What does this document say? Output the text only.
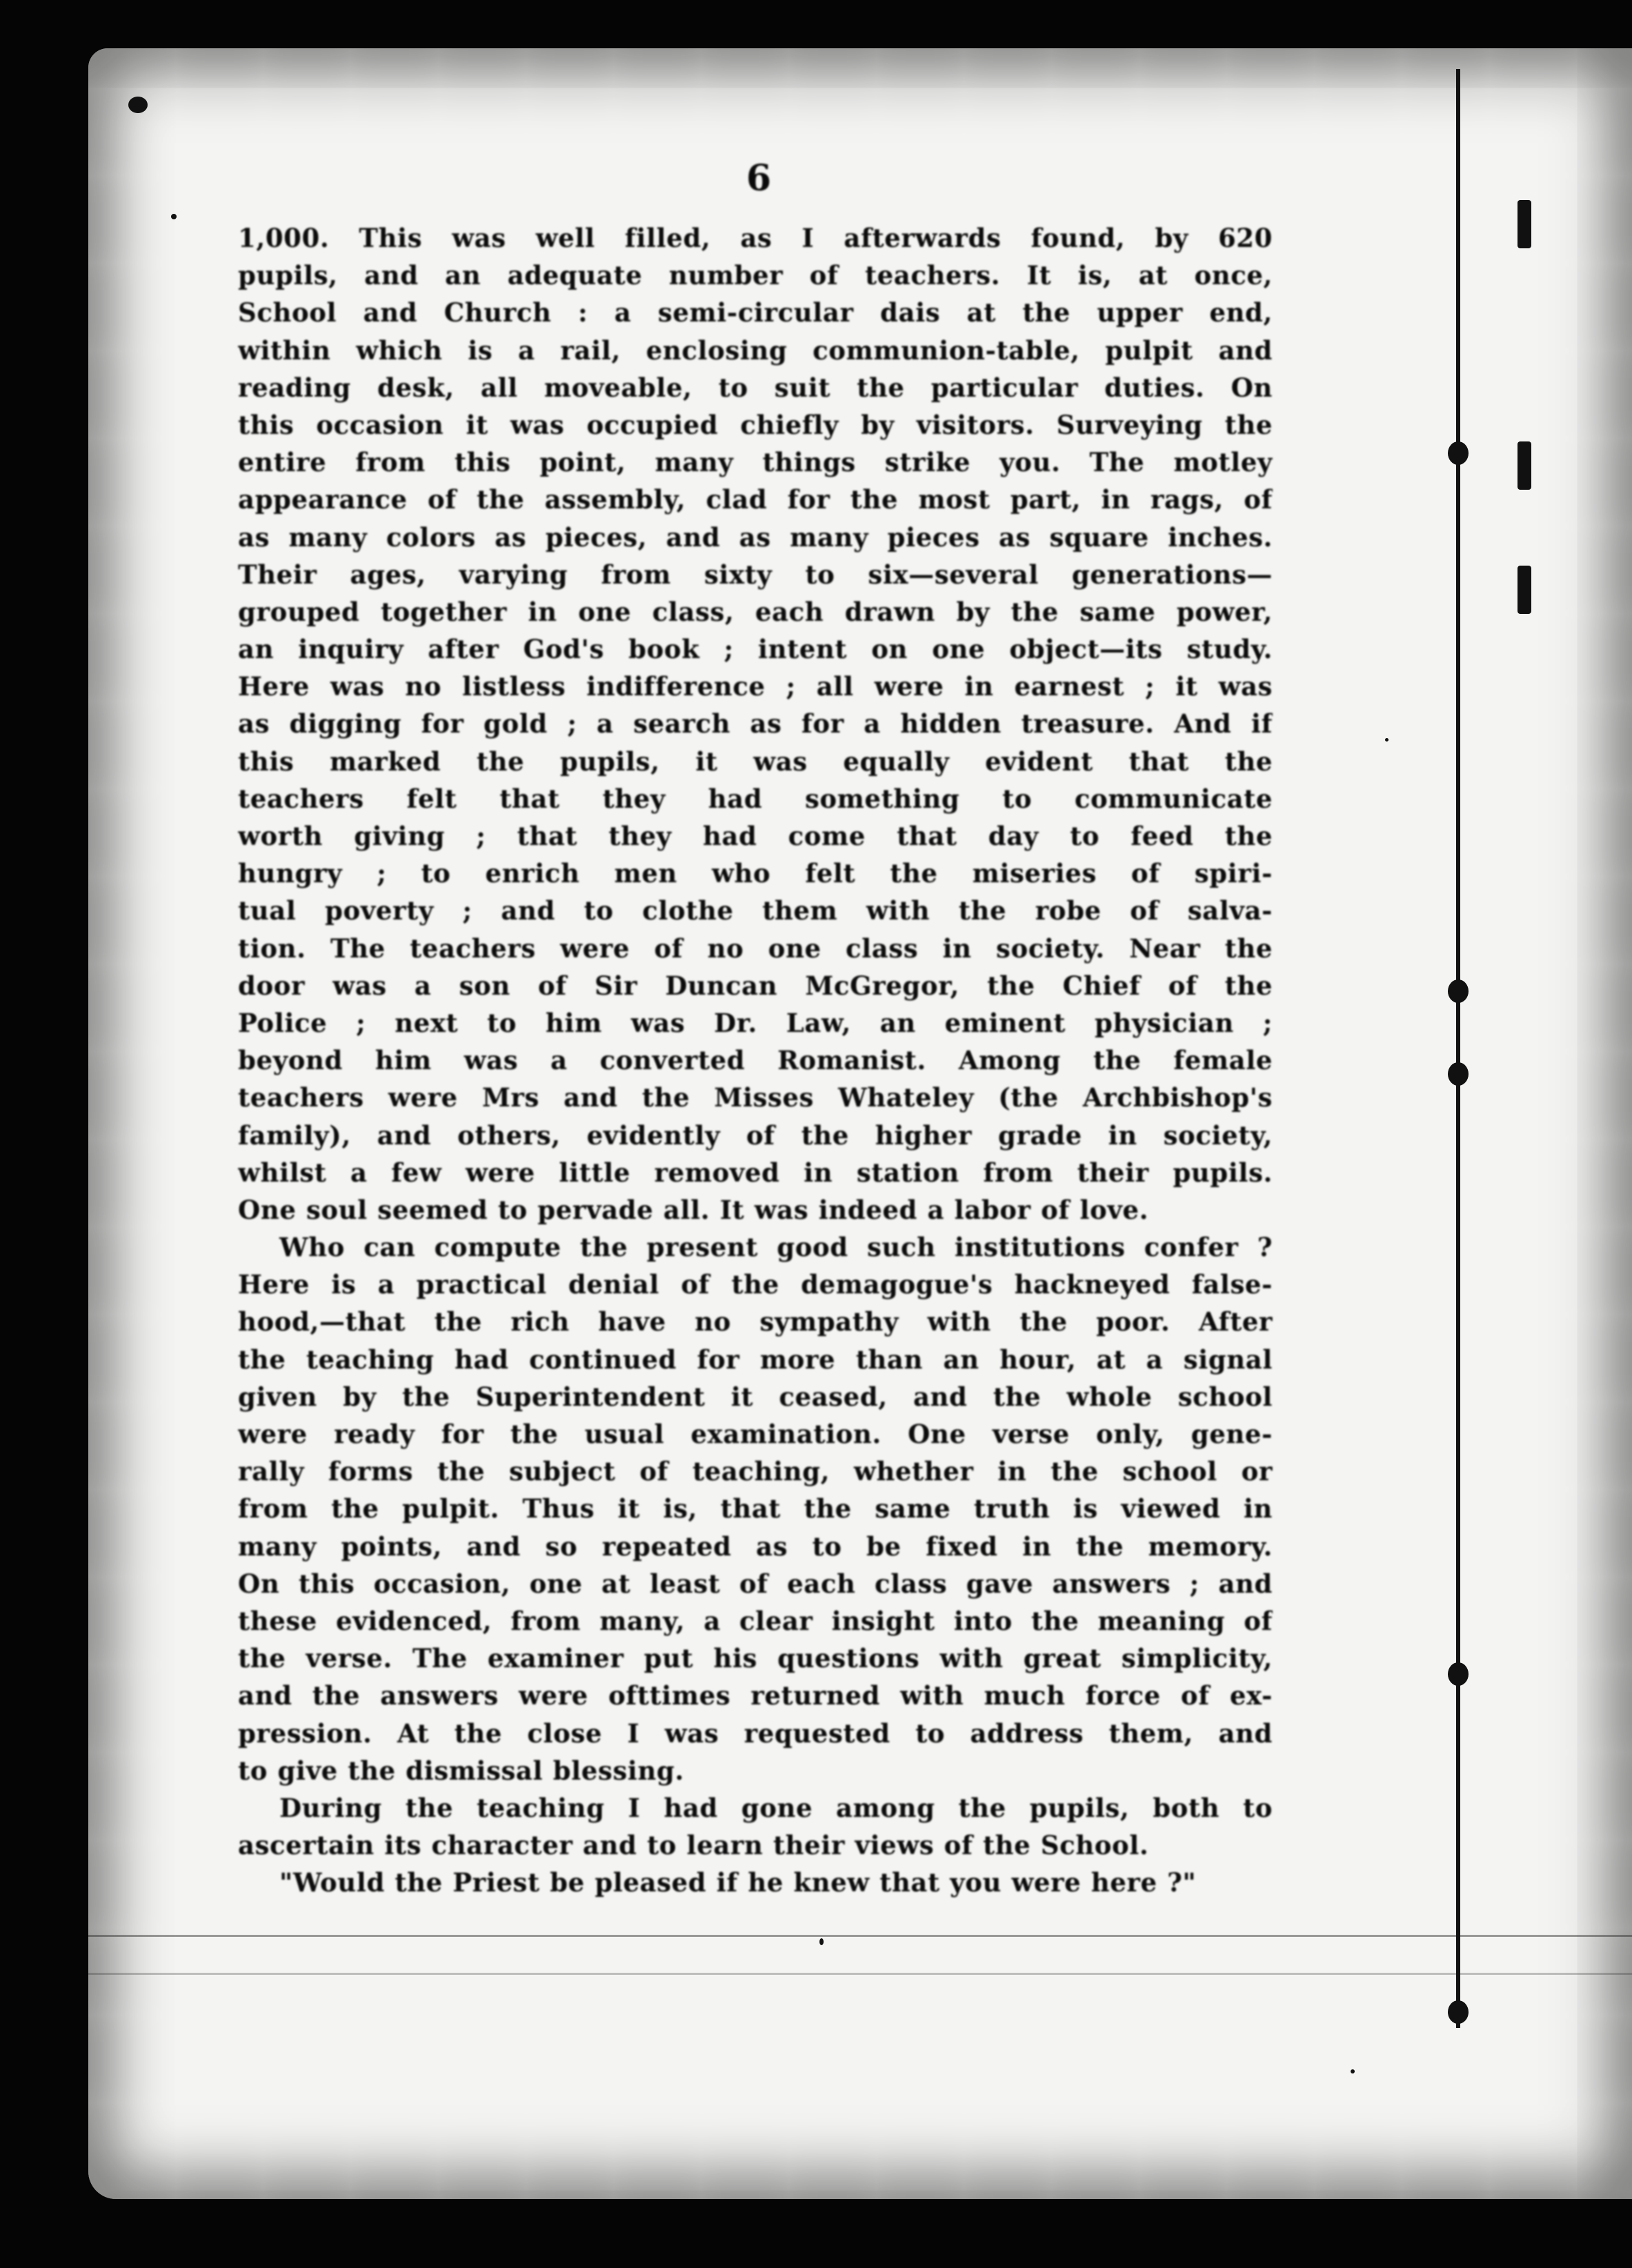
6

1,000. This was well filled, as I afterwards found, by 620

pupils, and an adequate number of teachers. It is, at once,

School and Church : a semi-circular dais at the upper end,

within which is a rail, enclosing communion-table, pulpit and

reading desk, all moveable, to suit the particular duties. On

this occasion it was occupied chiefly by visitors. Surveying the

entire from this point, many things strike you. The motley

appearance of the assembly, clad for the most part, in rags, of

as many colors as pieces, and as many pieces as square inches.

Their ages, varying from sixty to six—several generations—

grouped together in one class, each drawn by the same power,

an inquiry after God's book ; intent on one object—its study.

Here was no listless indifference ; all were in earnest ; it was

as digging for gold ; a search as for a hidden treasure. And if

this marked the pupils, it was equally evident that the

teachers felt that they had something to communicate

worth giving ; that they had come that day to feed the

hungry ; to enrich men who felt the miseries of spiri-

tual poverty ; and to clothe them with the robe of salva-

tion. The teachers were of no one class in society. Near the

door was a son of Sir Duncan McGregor, the Chief of the

Police ; next to him was Dr. Law, an eminent physician ;

beyond him was a converted Romanist. Among the female

teachers were Mrs and the Misses Whateley (the Archbishop's

family), and others, evidently of the higher grade in society,

whilst a few were little removed in station from their pupils.

One soul seemed to pervade all. It was indeed a labor of love.

Who can compute the present good such institutions confer ?

Here is a practical denial of the demagogue's hackneyed false-

hood,—that the rich have no sympathy with the poor. After

the teaching had continued for more than an hour, at a signal

given by the Superintendent it ceased, and the whole school

were ready for the usual examination. One verse only, gene-

rally forms the subject of teaching, whether in the school or

from the pulpit. Thus it is, that the same truth is viewed in

many points, and so repeated as to be fixed in the memory.

On this occasion, one at least of each class gave answers ; and

these evidenced, from many, a clear insight into the meaning of

the verse. The examiner put his questions with great simplicity,

and the answers were ofttimes returned with much force of ex-

pression. At the close I was requested to address them, and

to give the dismissal blessing.

During the teaching I had gone among the pupils, both to

ascertain its character and to learn their views of the School.

"Would the Priest be pleased if he knew that you were here ?"
